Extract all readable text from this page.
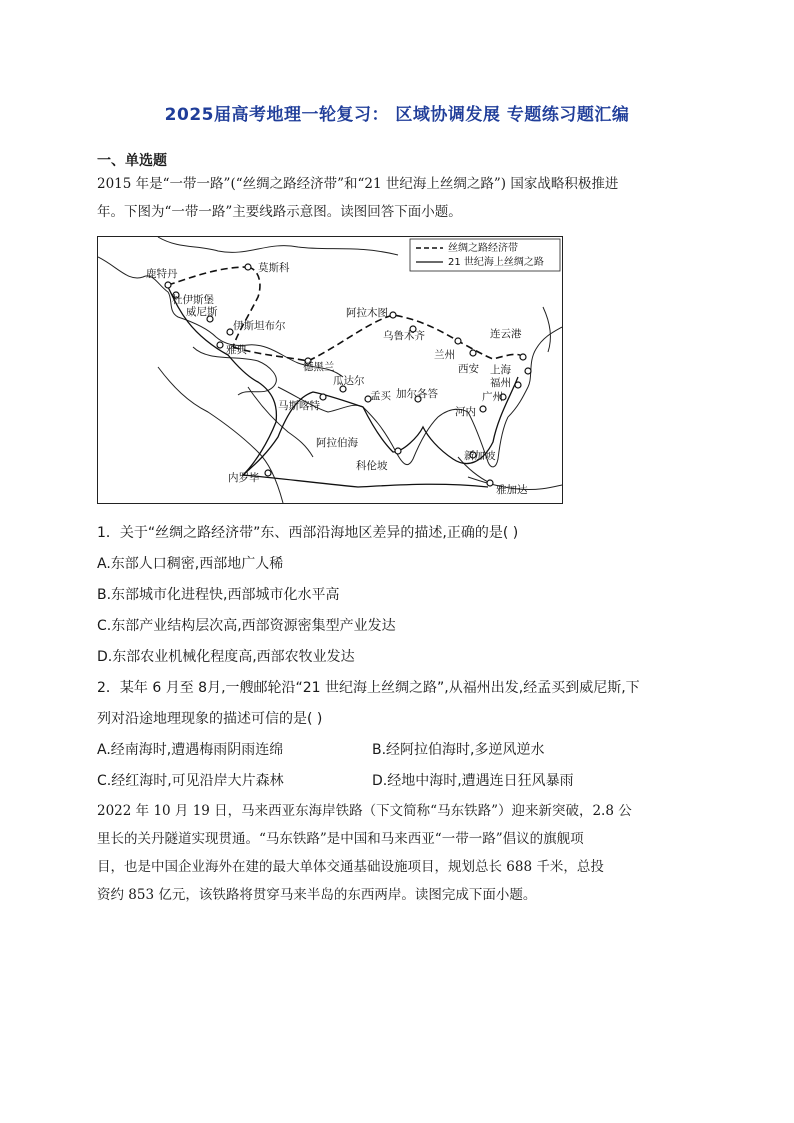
2025届高考地理一轮复习： 区域协调发展 专题练习题汇编
一、单选题
2015 年是“一带一路”(“丝绸之路经济带”和“21 世纪海上丝绸之路”) 国家战略积极推进
年。下图为“一带一路”主要线路示意图。读图回答下面小题。
丝绸之路经济带
21 世纪海上丝绸之路
鹿特丹	莫斯科
杜伊斯堡
威尼斯
伊斯坦布尔
雅典
阿拉木图
乌鲁木齐	连云港
兰州
西安 上海
福州
德黑兰
瓜达尔
马斯喀特
孟买 加尔各答	广州
河内
阿拉伯海
科伦坡
新加坡
内罗毕
雅加达
1．关于“丝绸之路经济带”东、西部沿海地区差异的描述,正确的是( )
A.东部人口稠密,西部地广人稀
B.东部城市化进程快,西部城市化水平高
C.东部产业结构层次高,西部资源密集型产业发达
D.东部农业机械化程度高,西部农牧业发达
2．某年 6 月至 8月,一艘邮轮沿“21 世纪海上丝绸之路”,从福州出发,经孟买到威尼斯,下
列对沿途地理现象的描述可信的是( )
A.经南海时,遭遇梅雨阴雨连绵	B.经阿拉伯海时,多逆风逆水
C.经红海时,可见沿岸大片森林	D.经地中海时,遭遇连日狂风暴雨
2022 年 10 月 19 日，马来西亚东海岸铁路（下文简称“马东铁路”）迎来新突破，2.8 公
里长的关丹隧道实现贯通。“马东铁路”是中国和马来西亚“一带一路”倡议的旗舰项
目，也是中国企业海外在建的最大单体交通基础设施项目，规划总长 688 千米，总投
资约 853 亿元，该铁路将贯穿马来半岛的东西两岸。读图完成下面小题。
